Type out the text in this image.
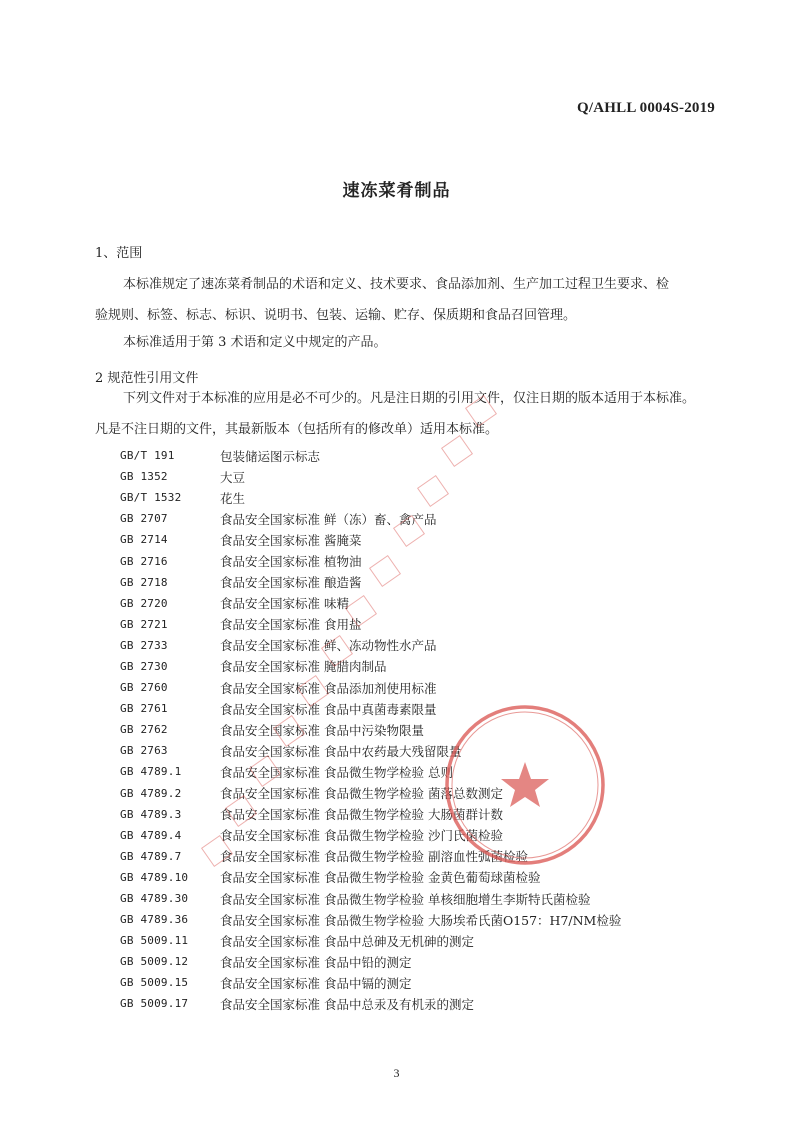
Q/AHLL 0004S-2019
速冻菜肴制品
1、范围
本标准规定了速冻菜肴制品的术语和定义、技术要求、食品添加剂、生产加工过程卫生要求、检
验规则、标签、标志、标识、说明书、包装、运输、贮存、保质期和食品召回管理。
本标准适用于第 3 术语和定义中规定的产品。
2 规范性引用文件
下列文件对于本标准的应用是必不可少的。凡是注日期的引用文件，仅注日期的版本适用于本标准。
凡是不注日期的文件，其最新版本（包括所有的修改单）适用本标准。
GB/T 191	包装储运图示标志
GB 1352	大豆
GB/T 1532	花生
GB 2707	食品安全国家标准 鲜（冻）畜、禽产品
GB 2714	食品安全国家标准 酱腌菜
GB 2716	食品安全国家标准 植物油
GB 2718	食品安全国家标准 酿造酱
GB 2720	食品安全国家标准 味精
GB 2721	食品安全国家标准 食用盐
GB 2733	食品安全国家标准 鲜、冻动物性水产品
GB 2730	食品安全国家标准 腌腊肉制品
GB 2760	食品安全国家标准 食品添加剂使用标准
GB 2761	食品安全国家标准 食品中真菌毒素限量
GB 2762	食品安全国家标准 食品中污染物限量
GB 2763	食品安全国家标准 食品中农药最大残留限量
GB 4789.1	食品安全国家标准 食品微生物学检验 总则
GB 4789.2	食品安全国家标准 食品微生物学检验 菌落总数测定
GB 4789.3	食品安全国家标准 食品微生物学检验 大肠菌群计数
GB 4789.4	食品安全国家标准 食品微生物学检验 沙门氏菌检验
GB 4789.7	食品安全国家标准 食品微生物学检验 副溶血性弧菌检验
GB 4789.10	食品安全国家标准 食品微生物学检验 金黄色葡萄球菌检验
GB 4789.30	食品安全国家标准 食品微生物学检验 单核细胞增生李斯特氏菌检验
GB 4789.36	食品安全国家标准 食品微生物学检验 大肠埃希氏菌O157：H7/NM检验
GB 5009.11	食品安全国家标准 食品中总砷及无机砷的测定
GB 5009.12	食品安全国家标准 食品中铅的测定
GB 5009.15	食品安全国家标准 食品中镉的测定
GB 5009.17	食品安全国家标准 食品中总汞及有机汞的测定
3
